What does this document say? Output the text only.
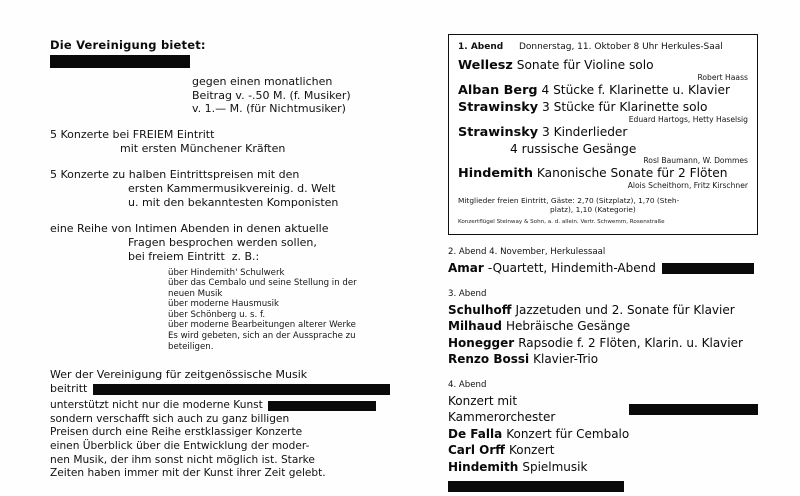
Die Vereinigung bietet:
gegen einen monatlichen
Beitrag v. -.50 M. (f. Musiker)
v. 1.— M. (für Nichtmusiker)
5 Konzerte bei FREIEM Eintritt
mit ersten Münchener Kräften
5 Konzerte zu halben Eintrittspreisen mit den
ersten Kammermusikvereinig. d. Welt
u. mit den bekanntesten Komponisten
eine Reihe von Intimen Abenden in denen aktuelle
Fragen besprochen werden sollen,
bei freiem Eintritt  z. B.:
über Hindemith' Schulwerk
über das Cembalo und seine Stellung in der
neuen Musik
über moderne Hausmusik
über Schönberg u. s. f.
über moderne Bearbeitungen alterer Werke
Es wird gebeten, sich an der Aussprache zu
beteiligen.
Wer der Vereinigung für zeitgenössische Musik
beitritt
unterstützt nicht nur die moderne Kunst
sondern verschafft sich auch zu ganz billigen
Preisen durch eine Reihe erstklassiger Konzerte
einen Überblick über die Entwicklung der moder-
nen Musik, der ihm sonst nicht möglich ist. Starke
Zeiten haben immer mit der Kunst ihrer Zeit gelebt.
1. Abend Donnerstag, 11. Oktober 8 Uhr Herkules-Saal
Wellesz Sonate für Violine solo
Robert Haass
Alban Berg 4 Stücke f. Klarinette u. Klavier
Strawinsky 3 Stücke für Klarinette solo
Eduard Hartogs, Hetty Haselsig
Strawinsky 3 Kinderlieder
4 russische Gesänge
Rosl Baumann, W. Dommes
Hindemith Kanonische Sonate für 2 Flöten
Alois Scheithorn, Fritz Kirschner
Mitglieder freien Eintritt, Gäste: 2,70 (Sitzplatz), 1,70 (Steh-
platz), 1,10 (Kategorie)
Konzertflügel Steinway & Sohn, a. d. allein. Vertr. Schwemm, Rosenstraße
2. Abend 4. November, Herkulessaal
Amar -Quartett, Hindemith-Abend
3. Abend
Schulhoff Jazzetuden und 2. Sonate für Klavier
Milhaud Hebräische Gesänge
Honegger Rapsodie f. 2 Flöten, Klarin. u. Klavier
Renzo Bossi Klavier-Trio
4. Abend
Konzert mit Kammerorchester
De Falla Konzert für Cembalo
Carl Orff Konzert
Hindemith Spielmusik
